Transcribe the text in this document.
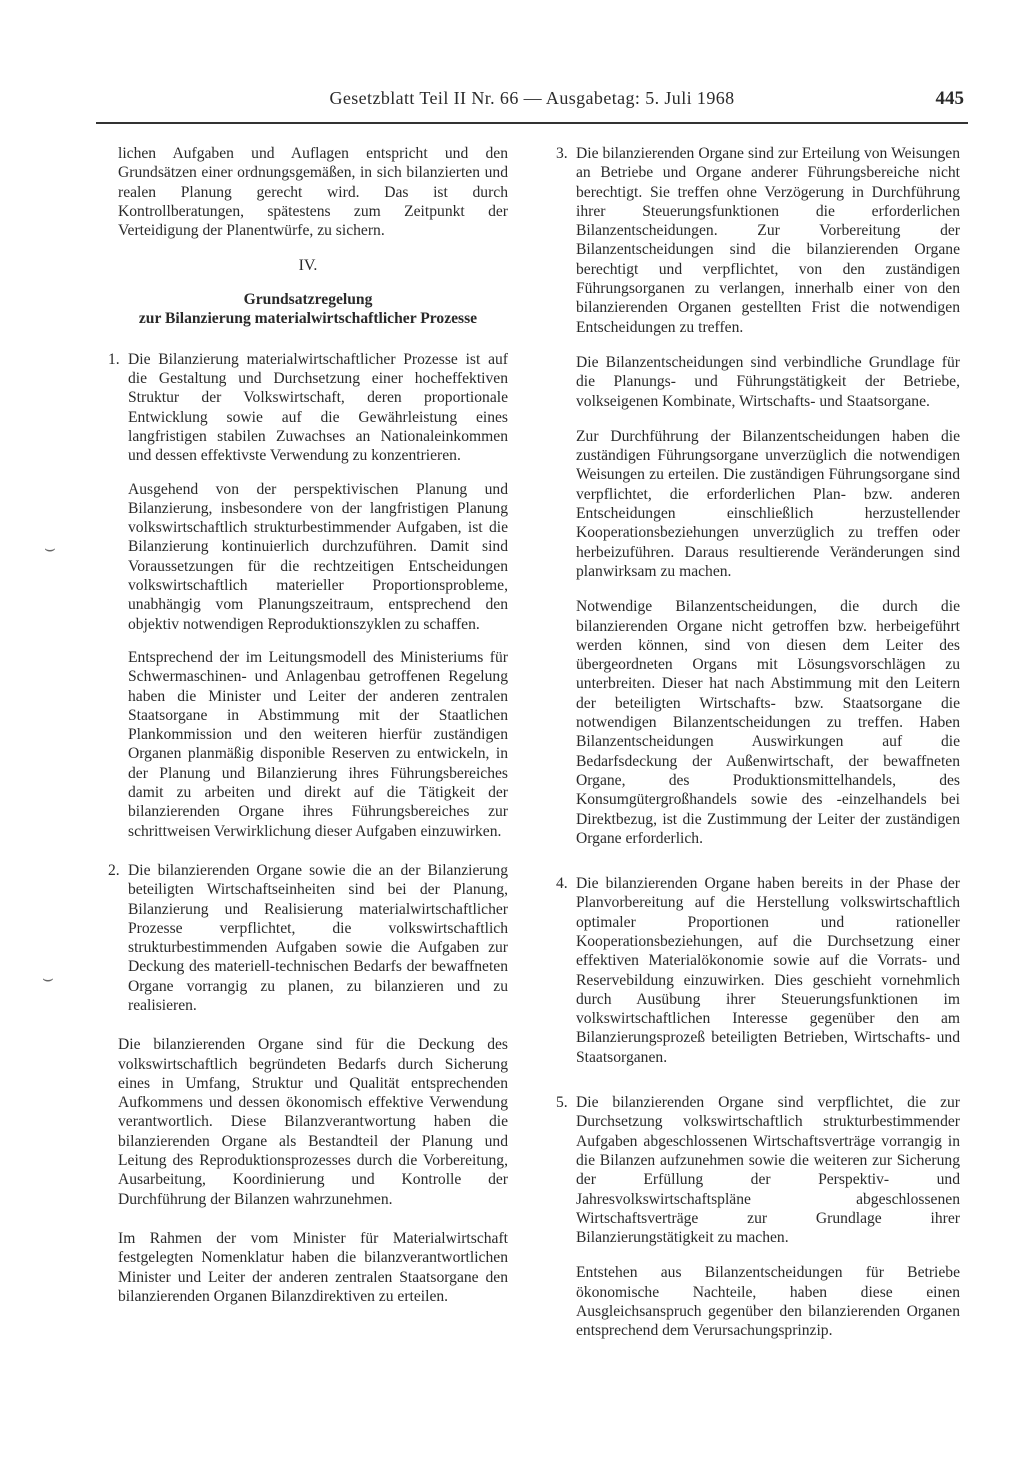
Gesetzblatt Teil II Nr. 66 — Ausgabetag: 5. Juli 1968	445

lichen Aufgaben und Auflagen entspricht und den Grundsätzen einer ordnungsgemäßen, in sich bilanzierten und realen Planung gerecht wird. Das ist durch Kontrollberatungen, spätestens zum Zeitpunkt der Verteidigung der Planentwürfe, zu sichern.

IV.
Grundsatzregelung
zur Bilanzierung materialwirtschaftlicher Prozesse
1. Die Bilanzierung materialwirtschaftlicher Prozesse ist auf die Gestaltung und Durchsetzung einer hocheffektiven Struktur der Volkswirtschaft, deren proportionale Entwicklung sowie auf die Gewährleistung eines langfristigen stabilen Zuwachses an Nationaleinkommen und dessen effektivste Verwendung zu konzentrieren.
Ausgehend von der perspektivischen Planung und Bilanzierung, insbesondere von der langfristigen Planung volkswirtschaftlich strukturbestimmender Aufgaben, ist die Bilanzierung kontinuierlich durchzuführen. Damit sind Voraussetzungen für die rechtzeitigen Entscheidungen volkswirtschaftlich materieller Proportionsprobleme, unabhängig vom Planungszeitraum, entsprechend den objektiv notwendigen Reproduktionszyklen zu schaffen.
Entsprechend der im Leitungsmodell des Ministeriums für Schwermaschinen- und Anlagenbau getroffenen Regelung haben die Minister und Leiter der anderen zentralen Staatsorgane in Abstimmung mit der Staatlichen Plankommission und den weiteren hierfür zuständigen Organen planmäßig disponible Reserven zu entwickeln, in der Planung und Bilanzierung ihres Führungsbereiches damit zu arbeiten und direkt auf die Tätigkeit der bilanzierenden Organe ihres Führungsbereiches zur schrittweisen Verwirklichung dieser Aufgaben einzuwirken.
2. Die bilanzierenden Organe sowie die an der Bilanzierung beteiligten Wirtschaftseinheiten sind bei der Planung, Bilanzierung und Realisierung materialwirtschaftlicher Prozesse verpflichtet, die volkswirtschaftlich strukturbestimmenden Aufgaben sowie die Aufgaben zur Deckung des materiell-technischen Bedarfs der bewaffneten Organe vorrangig zu planen, zu bilanzieren und zu realisieren.

Die bilanzierenden Organe sind für die Deckung des volkswirtschaftlich begründeten Bedarfs durch Sicherung eines in Umfang, Struktur und Qualität entsprechenden Aufkommens und dessen ökonomisch effektive Verwendung verantwortlich. Diese Bilanzverantwortung haben die bilanzierenden Organe als Bestandteil der Planung und Leitung des Reproduktionsprozesses durch die Vorbereitung, Ausarbeitung, Koordinierung und Kontrolle der Durchführung der Bilanzen wahrzunehmen.

Im Rahmen der vom Minister für Materialwirtschaft festgelegten Nomenklatur haben die bilanzverantwortlichen Minister und Leiter der anderen zentralen Staatsorgane den bilanzierenden Organen Bilanzdirektiven zu erteilen.

3. Die bilanzierenden Organe sind zur Erteilung von Weisungen an Betriebe und Organe anderer Führungsbereiche nicht berechtigt. Sie treffen ohne Verzögerung in Durchführung ihrer Steuerungsfunktionen die erforderlichen Bilanzentscheidungen. Zur Vorbereitung der Bilanzentscheidungen sind die bilanzierenden Organe berechtigt und verpflichtet, von den zuständigen Führungsorganen zu verlangen, innerhalb einer von den bilanzierenden Organen gestellten Frist die notwendigen Entscheidungen zu treffen.
Die Bilanzentscheidungen sind verbindliche Grundlage für die Planungs- und Führungstätigkeit der Betriebe, volkseigenen Kombinate, Wirtschafts- und Staatsorgane.
Zur Durchführung der Bilanzentscheidungen haben die zuständigen Führungsorgane unverzüglich die notwendigen Weisungen zu erteilen. Die zuständigen Führungsorgane sind verpflichtet, die erforderlichen Plan- bzw. anderen Entscheidungen einschließlich herzustellender Kooperationsbeziehungen unverzüglich zu treffen oder herbeizuführen. Daraus resultierende Veränderungen sind planwirksam zu machen.
Notwendige Bilanzentscheidungen, die durch die bilanzierenden Organe nicht getroffen bzw. herbeigeführt werden können, sind von diesen dem Leiter des übergeordneten Organs mit Lösungsvorschlägen zu unterbreiten. Dieser hat nach Abstimmung mit den Leitern der beteiligten Wirtschafts- bzw. Staatsorgane die notwendigen Bilanzentscheidungen zu treffen. Haben Bilanzentscheidungen Auswirkungen auf die Bedarfsdeckung der Außenwirtschaft, der bewaffneten Organe, des Produktionsmittelhandels, des Konsumgütergroßhandels sowie des -einzelhandels bei Direktbezug, ist die Zustimmung der Leiter der zuständigen Organe erforderlich.
4. Die bilanzierenden Organe haben bereits in der Phase der Planvorbereitung auf die Herstellung volkswirtschaftlich optimaler Proportionen und rationeller Kooperationsbeziehungen, auf die Durchsetzung einer effektiven Materialökonomie sowie auf die Vorrats- und Reservebildung einzuwirken. Dies geschieht vornehmlich durch Ausübung ihrer Steuerungsfunktionen im volkswirtschaftlichen Interesse gegenüber den am Bilanzierungsprozeß beteiligten Betrieben, Wirtschafts- und Staatsorganen.
5. Die bilanzierenden Organe sind verpflichtet, die zur Durchsetzung volkswirtschaftlich strukturbestimmender Aufgaben abgeschlossenen Wirtschaftsverträge vorrangig in die Bilanzen aufzunehmen sowie die weiteren zur Sicherung der Erfüllung der Perspektiv- und Jahresvolkswirtschaftspläne abgeschlossenen Wirtschaftsverträge zur Grundlage ihrer Bilanzierungstätigkeit zu machen.
Entstehen aus Bilanzentscheidungen für Betriebe ökonomische Nachteile, haben diese einen Ausgleichsanspruch gegenüber den bilanzierenden Organen entsprechend dem Verursachungsprinzip.
⌣
⌣
